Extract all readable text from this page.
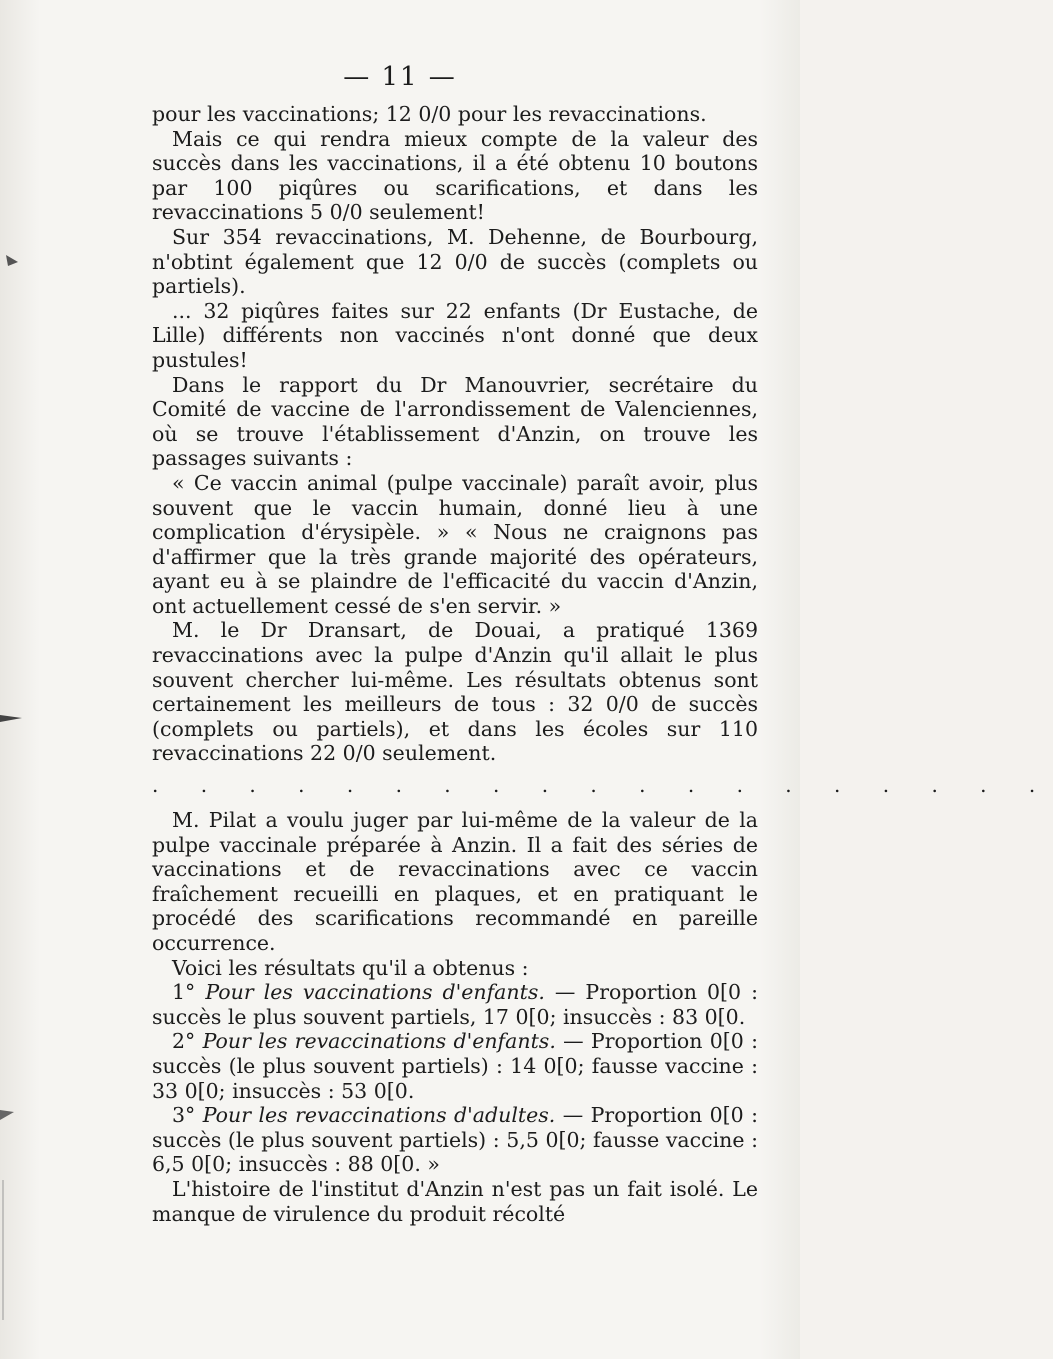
— 11 —

pour les vaccinations; 12 0/0 pour les revaccinations.

Mais ce qui rendra mieux compte de la valeur des succès dans les vaccinations, il a été obtenu 10 boutons par 100 piqûres ou scarifications, et dans les revaccinations 5 0/0 seulement!

Sur 354 revaccinations, M. Dehenne, de Bourbourg, n'obtint également que 12 0/0 de succès (complets ou partiels).

... 32 piqûres faites sur 22 enfants (Dr Eustache, de Lille) différents non vaccinés n'ont donné que deux pustules!

Dans le rapport du Dr Manouvrier, secrétaire du Comité de vaccine de l'arrondissement de Valenciennes, où se trouve l'établissement d'Anzin, on trouve les passages suivants :

« Ce vaccin animal (pulpe vaccinale) paraît avoir, plus souvent que le vaccin humain, donné lieu à une complication d'érysipèle. » « Nous ne craignons pas d'affirmer que la très grande majorité des opérateurs, ayant eu à se plaindre de l'efficacité du vaccin d'Anzin, ont actuellement cessé de s'en servir. »

M. le Dr Dransart, de Douai, a pratiqué 1369 revaccinations avec la pulpe d'Anzin qu'il allait le plus souvent chercher lui-même. Les résultats obtenus sont certainement les meilleurs de tous : 32 0/0 de succès (complets ou partiels), et dans les écoles sur 110 revaccinations 22 0/0 seulement.

. . . . . . . . . . . . . . . . . . .

M. Pilat a voulu juger par lui-même de la valeur de la pulpe vaccinale préparée à Anzin. Il a fait des séries de vaccinations et de revaccinations avec ce vaccin fraîchement recueilli en plaques, et en pratiquant le procédé des scarifications recommandé en pareille occurrence.

Voici les résultats qu'il a obtenus :

1° Pour les vaccinations d'enfants. — Proportion 0[0 : succès le plus souvent partiels, 17 0[0; insuccès : 83 0[0.

2° Pour les revaccinations d'enfants. — Proportion 0[0 : succès (le plus souvent partiels) : 14 0[0; fausse vaccine : 33 0[0; insuccès : 53 0[0.

3° Pour les revaccinations d'adultes. — Proportion 0[0 : succès (le plus souvent partiels) : 5,5 0[0; fausse vaccine : 6,5 0[0; insuccès : 88 0[0. »

L'histoire de l'institut d'Anzin n'est pas un fait isolé. Le manque de virulence du produit récolté
